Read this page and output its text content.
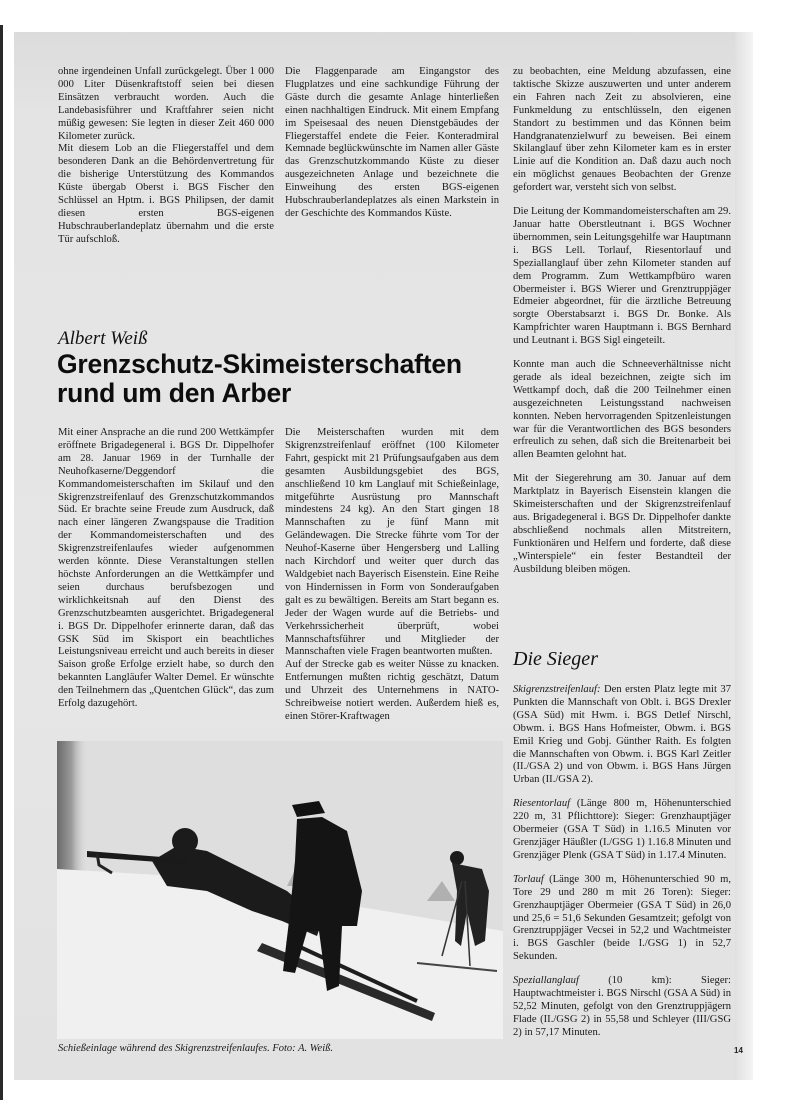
ohne irgendeinen Unfall zurückgelegt. Über 1 000 000 Liter Düsenkraftstoff seien bei diesen Einsätzen verbraucht worden. Auch die Landebasisführer und Kraftfahrer seien nicht müßig gewesen: Sie legten in dieser Zeit 460 000 Kilometer zurück.

Mit diesem Lob an die Fliegerstaffel und dem besonderen Dank an die Behördenvertretung für die bisherige Unterstützung des Kommandos Küste übergab Oberst i. BGS Fischer den Schlüssel an Hptm. i. BGS Philipsen, der damit diesen ersten BGS-eigenen Hubschrauberlandeplatz übernahm und die erste Tür aufschloß.

Die Flaggenparade am Eingangstor des Flugplatzes und eine sachkundige Führung der Gäste durch die gesamte Anlage hinterließen einen nachhaltigen Eindruck. Mit einem Empfang im Speisesaal des neuen Dienstgebäudes der Fliegerstaffel endete die Feier. Konteradmiral Kemnade beglückwünschte im Namen aller Gäste das Grenzschutzkommando Küste zu dieser ausgezeichneten Anlage und bezeichnete die Einweihung des ersten BGS-eigenen Hubschrauberlandeplatzes als einen Markstein in der Geschichte des Kommandos Küste.

Albert Weiß
Grenzschutz-Skimeisterschaften
rund um den Arber

Mit einer Ansprache an die rund 200 Wettkämpfer eröffnete Brigadegeneral i. BGS Dr. Dippelhofer am 28. Januar 1969 in der Turnhalle der Neuhofkaserne/Deggendorf die Kommandomeisterschaften im Skilauf und den Skigrenzstreifenlauf des Grenzschutzkommandos Süd. Er brachte seine Freude zum Ausdruck, daß nach einer längeren Zwangspause die Tradition der Kommandomeisterschaften und des Skigrenzstreifenlaufes wieder aufgenommen werden könnte. Diese Veranstaltungen stellen höchste Anforderungen an die Wettkämpfer und seien durchaus berufsbezogen und wirklichkeitsnah auf den Dienst des Grenzschutzbeamten ausgerichtet. Brigadegeneral i. BGS Dr. Dippelhofer erinnerte daran, daß das GSK Süd im Skisport ein beachtliches Leistungsniveau erreicht und auch bereits in dieser Saison große Erfolge erzielt habe, so durch den bekannten Langläufer Walter Demel. Er wünschte den Teilnehmern das „Quentchen Glück“, das zum Erfolg dazugehört.

Die Meisterschaften wurden mit dem Skigrenzstreifenlauf eröffnet (100 Kilometer Fahrt, gespickt mit 21 Prüfungsaufgaben aus dem gesamten Ausbildungsgebiet des BGS, anschließend 10 km Langlauf mit Schießeinlage, mitgeführte Ausrüstung pro Mannschaft mindestens 24 kg). An den Start gingen 18 Mannschaften zu je fünf Mann mit Geländewagen. Die Strecke führte vom Tor der Neuhof-Kaserne über Hengersberg und Lalling nach Kirchdorf und weiter quer durch das Waldgebiet nach Bayerisch Eisenstein. Eine Reihe von Hindernissen in Form von Sonderaufgaben galt es zu bewältigen. Bereits am Start begann es. Jeder der Wagen wurde auf die Betriebs- und Verkehrssicherheit überprüft, wobei Mannschaftsführer und Mitglieder der Mannschaften viele Fragen beantworten mußten.

Auf der Strecke gab es weiter Nüsse zu knacken. Entfernungen mußten richtig geschätzt, Datum und Uhrzeit des Unternehmens in NATO-Schreibweise notiert werden. Außerdem hieß es, einen Störer-Kraftwagen

zu beobachten, eine Meldung abzufassen, eine taktische Skizze auszuwerten und unter anderem ein Fahren nach Zeit zu absolvieren, eine Funkmeldung zu entschlüsseln, den eigenen Standort zu bestimmen und das Können beim Handgranatenzielwurf zu beweisen. Bei einem Skilanglauf über zehn Kilometer kam es in erster Linie auf die Kondition an. Daß dazu auch noch ein möglichst genaues Beobachten der Grenze gefordert war, versteht sich von selbst.

Die Leitung der Kommandomeisterschaften am 29. Januar hatte Oberstleutnant i. BGS Wochner übernommen, sein Leitungsgehilfe war Hauptmann i. BGS Lell. Torlauf, Riesentorlauf und Speziallanglauf über zehn Kilometer standen auf dem Programm. Zum Wettkampfbüro waren Obermeister i. BGS Wierer und Grenztruppjäger Edmeier abgeordnet, für die ärztliche Betreuung sorgte Oberstabsarzt i. BGS Dr. Bonke. Als Kampfrichter waren Hauptmann i. BGS Bernhard und Leutnant i. BGS Sigl eingeteilt.

Konnte man auch die Schneeverhältnisse nicht gerade als ideal bezeichnen, zeigte sich im Wettkampf doch, daß die 200 Teilnehmer einen ausgezeichneten Leistungsstand nachweisen konnten. Neben hervorragenden Spitzenleistungen war für die Verantwortlichen des BGS besonders erfreulich zu sehen, daß sich die Breitenarbeit bei allen Beamten gelohnt hat.

Mit der Siegerehrung am 30. Januar auf dem Marktplatz in Bayerisch Eisenstein klangen die Skimeisterschaften und der Skigrenzstreifenlauf aus. Brigadegeneral i. BGS Dr. Dippelhofer dankte abschließend nochmals allen Mitstreitern, Funktionären und Helfern und forderte, daß diese „Winterspiele“ ein fester Bestandteil der Ausbildung bleiben mögen.

Die Sieger

Skigrenzstreifenlauf: Den ersten Platz legte mit 37 Punkten die Mannschaft von Oblt. i. BGS Drexler (GSA Süd) mit Hwm. i. BGS Detlef Nirschl, Obwm. i. BGS Hans Hofmeister, Obwm. i. BGS Emil Krieg und Gobj. Günther Raith. Es folgten die Mannschaften von Obwm. i. BGS Karl Zeitler (II./GSA 2) und von Obwm. i. BGS Hans Jürgen Urban (II./GSA 2).

Riesentorlauf (Länge 800 m, Höhenunterschied 220 m, 31 Pflichttore): Sieger: Grenzhauptjäger Obermeier (GSA T Süd) in 1.16.5 Minuten vor Grenzjäger Häußler (I./GSG 1) 1.16.8 Minuten und Grenzjäger Plenk (GSA T Süd) in 1.17.4 Minuten.

Torlauf (Länge 300 m, Höhenunterschied 90 m, Tore 29 und 280 m mit 26 Toren): Sieger: Grenzhauptjäger Obermeier (GSA T Süd) in 26,0 und 25,6 = 51,6 Sekunden Gesamtzeit; gefolgt von Grenztruppjäger Vecsei in 52,2 und Wachtmeister i. BGS Gaschler (beide I./GSG 1) in 52,7 Sekunden.

Speziallanglauf (10 km): Sieger: Hauptwachtmeister i. BGS Nirschl (GSA A Süd) in 52,52 Minuten, gefolgt von den Grenztruppjägern Flade (II./GSG 2) in 55,58 und Schleyer (III/GSG 2) in 57,17 Minuten.

Schießeinlage während des Skigrenzstreifenlaufes. Foto: A. Weiß.	14
